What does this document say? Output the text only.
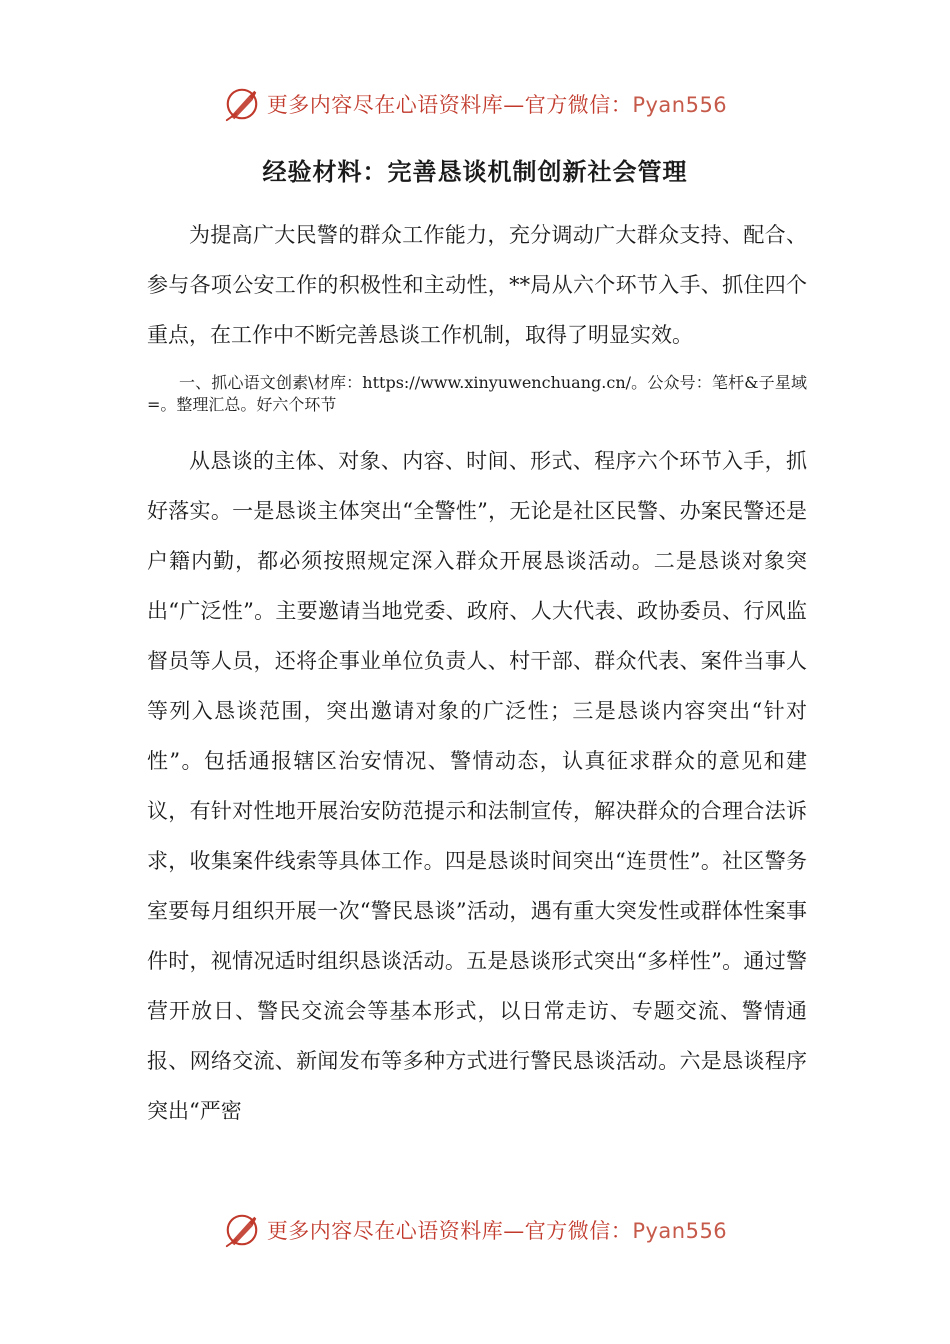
更多内容尽在心语资料库—官方微信：Pyan556
经验材料：完善恳谈机制创新社会管理

为提高广大民警的群众工作能力，充分调动广大群众支持、配合、参与各项公安工作的积极性和主动性，**局从六个环节入手、抓住四个重点，在工作中不断完善恳谈工作机制，取得了明显实效。

一、抓心语文创素\材库：https://www.xinyuwenchuang.cn/。公众号：笔杆&子星域=。整理汇总。好六个环节

从恳谈的主体、对象、内容、时间、形式、程序六个环节入手，抓好落实。一是恳谈主体突出“全警性”，无论是社区民警、办案民警还是户籍内勤，都必须按照规定深入群众开展恳谈活动。二是恳谈对象突出“广泛性”。主要邀请当地党委、政府、人大代表、政协委员、行风监督员等人员，还将企事业单位负责人、村干部、群众代表、案件当事人等列入恳谈范围，突出邀请对象的广泛性；三是恳谈内容突出“针对性”。包括通报辖区治安情况、警情动态，认真征求群众的意见和建议，有针对性地开展治安防范提示和法制宣传，解决群众的合理合法诉求，收集案件线索等具体工作。四是恳谈时间突出“连贯性”。社区警务室要每月组织开展一次“警民恳谈”活动，遇有重大突发性或群体性案事件时，视情况适时组织恳谈活动。五是恳谈形式突出“多样性”。通过警营开放日、警民交流会等基本形式，以日常走访、专题交流、警情通报、网络交流、新闻发布等多种方式进行警民恳谈活动。六是恳谈程序突出“严密

更多内容尽在心语资料库—官方微信：Pyan556
